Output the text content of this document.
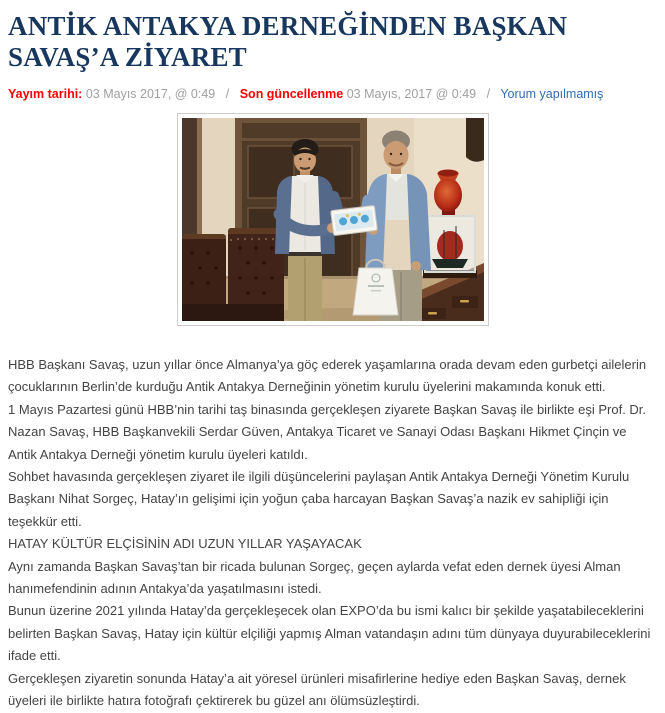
ANTİK ANTAKYA DERNEĞİNDEN BAŞKAN SAVAŞ’A ZİYARET
Yayım tarihi: 03 Mayıs 2017, @ 0:49 / Son güncellenme 03 Mayıs, 2017 @ 0:49 / Yorum yapılmamış

HBB Başkanı Savaş, uzun yıllar önce Almanya’ya göç ederek yaşamlarına orada devam eden gurbetçi ailelerin çocuklarının Berlin’de kurduğu Antik Antakya Derneğinin yönetim kurulu üyelerini makamında konuk etti.

1 Mayıs Pazartesi günü HBB’nin tarihi taş binasında gerçekleşen ziyarete Başkan Savaş ile birlikte eşi Prof. Dr. Nazan Savaş, HBB Başkanvekili Serdar Güven, Antakya Ticaret ve Sanayi Odası Başkanı Hikmet Çinçin ve Antik Antakya Derneği yönetim kurulu üyeleri katıldı.

Sohbet havasında gerçekleşen ziyaret ile ilgili düşüncelerini paylaşan Antik Antakya Derneği Yönetim Kurulu Başkanı Nihat Sorgeç, Hatay’ın gelişimi için yoğun çaba harcayan Başkan Savaş’a nazik ev sahipliği için teşekkür etti.

HATAY KÜLTÜR ELÇİSİNİN ADI UZUN YILLAR YAŞAYACAK

Aynı zamanda Başkan Savaş’tan bir ricada bulunan Sorgeç, geçen aylarda vefat eden dernek üyesi Alman hanımefendinin adının Antakya’da yaşatılmasını istedi.

Bunun üzerine 2021 yılında Hatay’da gerçekleşecek olan EXPO’da bu ismi kalıcı bir şekilde yaşatabileceklerini belirten Başkan Savaş, Hatay için kültür elçiliği yapmış Alman vatandaşın adını tüm dünyaya duyurabileceklerini ifade etti.

Gerçekleşen ziyaretin sonunda Hatay’a ait yöresel ürünleri misafirlerine hediye eden Başkan Savaş, dernek üyeleri ile birlikte hatıra fotoğrafı çektirerek bu güzel anı ölümsüzleştirdi.
